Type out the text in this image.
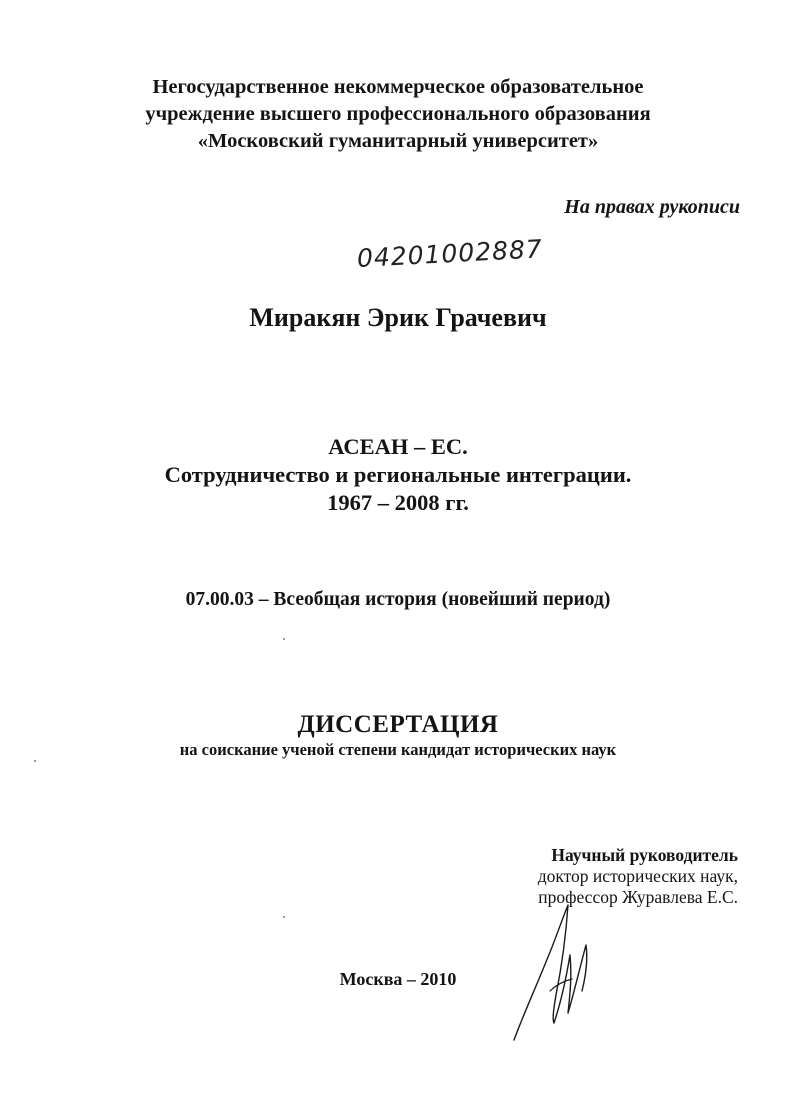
Негосударственное некоммерческое образовательное
учреждение высшего профессионального образования
«Московский гуманитарный университет»
На правах рукописи
04201002887
Миракян Эрик Грачевич
АСЕАН – ЕС.
Сотрудничество и региональные интеграции.
1967 – 2008 гг.
07.00.03 – Всеобщая история (новейший период)
ДИССЕРТАЦИЯ
на соискание ученой степени кандидат исторических наук
Научный руководитель
доктор исторических наук,
профессор Журавлева Е.С.
Москва – 2010
